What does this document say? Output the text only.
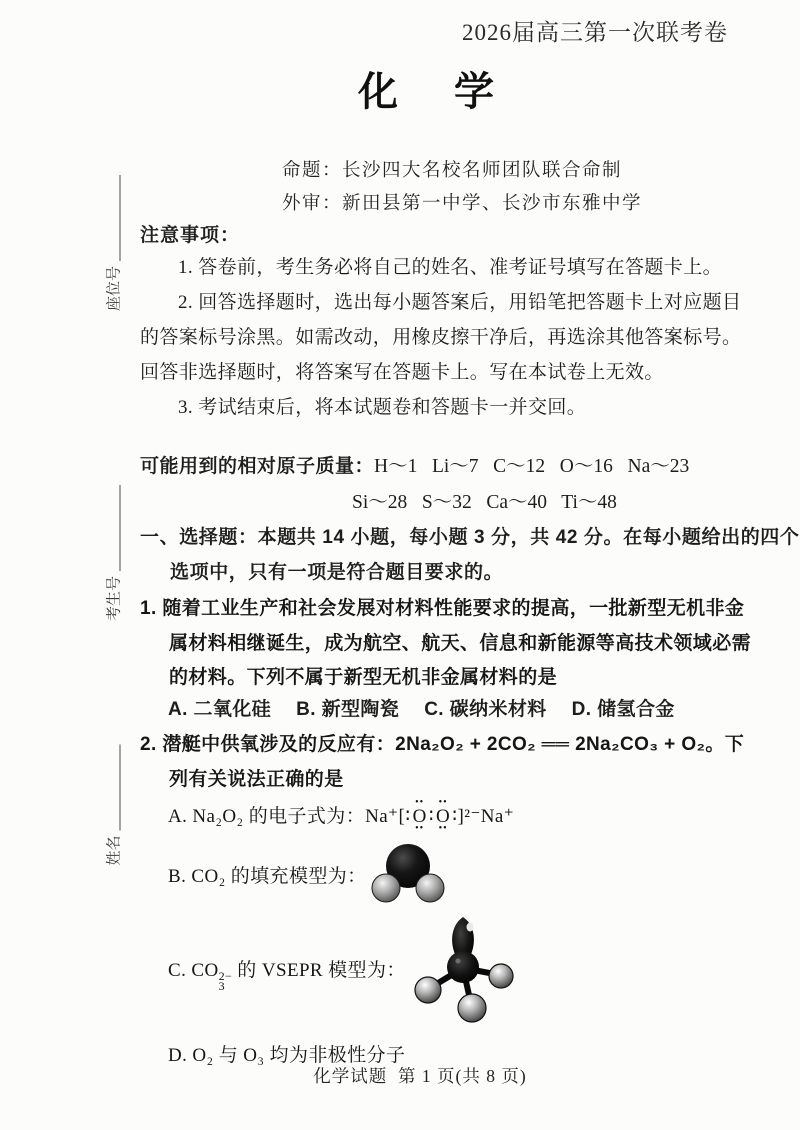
座位号
考生号
姓名
2026届高三第一次联考卷
化  学
命题：长沙四大名校名师团队联合命制
外审：新田县第一中学、长沙市东雅中学
注意事项：
1. 答卷前，考生务必将自己的姓名、准考证号填写在答题卡上。
2. 回答选择题时，选出每小题答案后，用铅笔把答题卡上对应题目的答案标号涂黑。如需改动，用橡皮擦干净后，再选涂其他答案标号。回答非选择题时，将答案写在答题卡上。写在本试卷上无效。
3. 考试结束后，将本试题卷和答题卡一并交回。
可能用到的相对原子质量：H～1   Li～7   C～12   O～16   Na～23
Si～28   S～32   Ca～40   Ti～48
一、选择题：本题共 14 小题，每小题 3 分，共 42 分。在每小题给出的四个
选项中，只有一项是符合题目要求的。
1. 随着工业生产和社会发展对材料性能要求的提高，一批新型无机非金属材料相继诞生，成为航空、航天、信息和新能源等高技术领域必需的材料。下列不属于新型无机非金属材料的是
A. 二氧化硅 B. 新型陶瓷 C. 碳纳米材料 D. 储氢合金
2. 潜艇中供氧涉及的反应有：2Na₂O₂ + 2CO₂ ══ 2Na₂CO₃ + O₂。下列有关说法正确的是
A. Na₂O₂ 的电子式为：Na⁺[∶ •• O •• ∶ •• O •• ∶]²⁻Na⁺
B. CO₂ 的填充模型为：
C. CO 2−
3
的 VSEPR 模型为：
D. O₂ 与 O₃ 均为非极性分子
化学试题  第 1 页(共 8 页)
